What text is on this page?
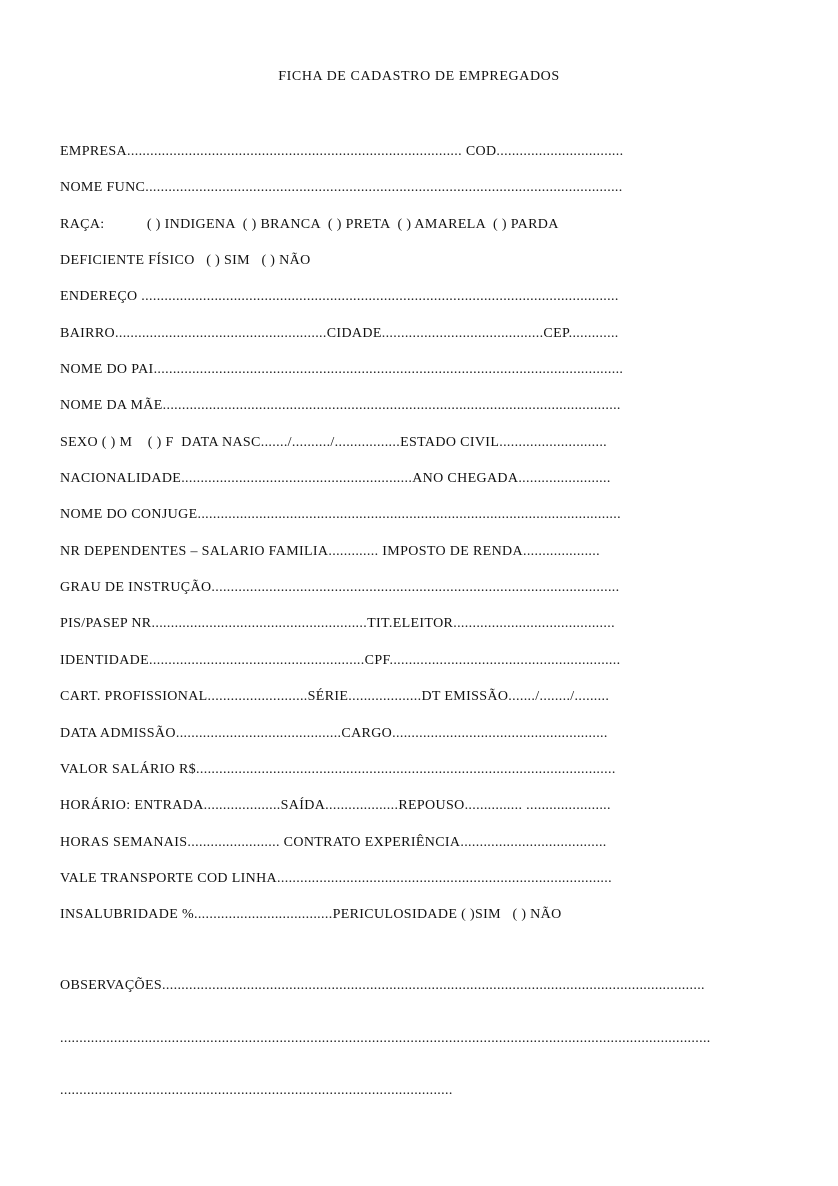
FICHA DE CADASTRO DE EMPREGADOS
EMPRESA....................................................................................... COD.................................
NOME FUNC............................................................................................................................
RAÇA:           ( ) INDIGENA  ( ) BRANCA  ( ) PRETA  ( ) AMARELA  ( ) PARDA
DEFICIENTE FÍSICO   ( ) SIM   ( ) NÃO
ENDEREÇO ............................................................................................................................
BAIRRO.......................................................CIDADE..........................................CEP.............
NOME DO PAI..........................................................................................................................
NOME DA MÃE.......................................................................................................................
SEXO ( ) M    ( ) F  DATA NASC......./........../.................ESTADO CIVIL............................
NACIONALIDADE............................................................ANO CHEGADA........................
NOME DO CONJUGE..............................................................................................................
NR DEPENDENTES – SALARIO FAMILIA............. IMPOSTO DE RENDA....................
GRAU DE INSTRUÇÃO..........................................................................................................
PIS/PASEP NR........................................................TIT.ELEITOR..........................................
IDENTIDADE........................................................CPF............................................................
CART. PROFISSIONAL..........................SÉRIE...................DT EMISSÃO......./......../.........
DATA ADMISSÃO...........................................CARGO........................................................
VALOR SALÁRIO R$.............................................................................................................
HORÁRIO: ENTRADA....................SAÍDA...................REPOUSO............... ......................
HORAS SEMANAIS........................ CONTRATO EXPERIÊNCIA......................................
VALE TRANSPORTE COD LINHA.......................................................................................
INSALUBRIDADE %....................................PERICULOSIDADE ( )SIM   ( ) NÃO

OBSERVAÇÕES.............................................................................................................................................

.........................................................................................................................................................................

......................................................................................................
